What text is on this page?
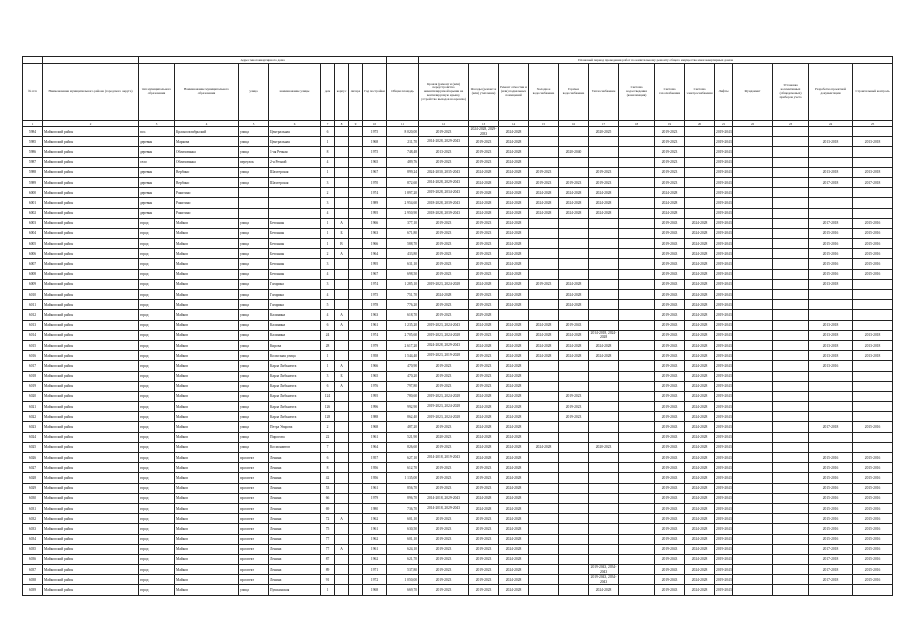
		Адрес многоквартирного дома									Плановый период проведения работ по капитальному ремонту общего имущества многоквартирных домов													
№ п/п	Наименование муниципального района (городского округа)	тип муниципального образования	Наименование муниципального образования	улица	наименование улицы	дом	корпус	литера	Год постройки	Общая площадь	Кровля (ремонт и (или) переустройство невентилируемой крыши на вентилируемую крышу, устройство выходов на кровлю)	Фасады (ремонт и (или) утепление)	Ремонт отмостки и (или) подвальных помещений	Холодное водоснабжение	Горячее водоснабжение	Теплоснабжение	Система водоотведения (канализация)	Система газоснабжения	Система электроснабжения	Лифты	Фундамент	Установка коллективных (общедомовых) приборов учета	Разработка проектной документации	Строительный контроль
1	2	3	4	5	6	7	8	9	10	11	12	13	14	15	16	17	18	19	20	21	22	23	24	25
5984	Майкопский район	пос.	Краснооктябрьский	улица	Центральная	6			1975	8 020,00	2019-2023	2024-2028, 2029-2033	2024-2028			2020-2025		2019-2023		2019-2043				
5985	Майкопский район	деревня	Маркова	улица	Центральная	1			1968	211,70	2014-2028, 2029-2043	2019-2023	2024-2028					2019-2023		2019-2043			2013-2018	2013-2018
5986	Майкопский район	деревня	Облизованка	улица	1-ая Речная	8			1975	748,48	2013-2023	2019-2023	2024-2028		2020-2040			2019-2023		2019-2043				
5987	Майкопский район	село	Облизованка	переулок	2-я Речной	4			1965	489,76	2019-2023	2019-2023	2024-2028					2019-2023		2019-2043				
5988	Майкопский район	деревня	Вербино	улица	Шахтерская	1			1967	899,24	2024-2030, 2035-2043	2024-2028	2024-2028	2019-2023		2019-2023		2019-2023		2019-2043			2013-2018	2013-2018
5989	Майкопский район	деревня	Вербино	улица	Шахтерская	3			1970	872,60	2014-2028, 2029-2043	2024-2028	2024-2028	2019-2023	2019-2023	2019-2023		2019-2023		2019-2043			2017-2018	2017-2018
6000	Майкопский район	деревня	Ракитино			2			1974	1 897,20	2019-2028, 2034-2043	2019-2028	2024-2028	2024-2028	2024-2028	2024-2028		2024-2028		2019-2043				
6001	Майкопский район	деревня	Ракитино			3			1989	2 954,60	2018-2028, 2039-2043	2024-2028	2024-2028	2024-2028	2024-2028	2024-2028		2024-2028		2019-2043				
6002	Майкопский район	деревня	Ракитино			4			1995	2 950,90	2018-2028, 2039-2043	2024-2028	2024-2028	2024-2028	2024-2028	2024-2028		2024-2028		2019-2043				
6003	Майкопский район	город	Майкоп	улица	Бетонная	1	А		1966	377,10	2019-2023	2019-2023	2024-2028					2019-2043	2024-2028	2019-2043			2017-2018	2015-2016
6004	Майкопский район	город	Майкоп	улица	Бетонная	1	Б		1963	671,80	2019-2023	2019-2023	2024-2028					2019-2043	2024-2028	2019-2043			2015-2016	2015-2016
6005	Майкопский район	город	Майкоп	улица	Бетонная	1	В		1966	588,70	2019-2023	2019-2023	2024-2028					2019-2043	2024-2028	2019-2043			2015-2016	2015-2016
6006	Майкопский район	город	Майкоп	улица	Бетонная	2	А		1964	433,80	2019-2023	2019-2023	2024-2028					2019-2043	2024-2028	2019-2043			2015-2016	2015-2016
6007	Майкопский район	город	Майкоп	улица	Бетонная	3			1995	631,10	2019-2023	2019-2023	2024-2028					2019-2043	2024-2028	2019-2043			2015-2016	2015-2016
6008	Майкопский район	город	Майкоп	улица	Бетонная	4			1967	698,50	2019-2023	2019-2023	2024-2028					2019-2043	2024-2028	2019-2043			2015-2016	2015-2016
6009	Майкопский район	город	Майкоп	улица	Гагарина	3			1974	1 285,10	2019-2023, 2024-2028	2024-2028	2024-2028	2019-2023	2024-2028			2019-2043	2024-2028	2019-2043			2013-2018	
6010	Майкопский район	город	Майкоп	улица	Гагарина	4			1975	751,70	2024-2028	2019-2023	2024-2028		2024-2028			2019-2043	2024-2028	2019-2043				
6011	Майкопский район	город	Майкоп	улица	Гагарина	5			1978	776,20	2019-2023	2019-2023	2024-2028		2024-2028			2019-2043	2024-2028	2019-2043				
6012	Майкопский район	город	Майкоп	улица	Калинина	4	А		1963	618,70	2019-2023	2029-2028						2019-2043	2024-2028	2019-2043				
6013	Майкопский район	город	Майкоп	улица	Калинина	6	А		1961	1 235,20	2019-2023, 2024-2043	2024-2028	2024-2028	2024-2028	2019-2043			2019-2043	2024-2028	2019-2043			2013-2018	
6014	Майкопский район	город	Майкоп	улица	Калинина	24			1974	2 705,60	2019-2023, 2024-2028	2019-2023	2024-2028	2024-2028	2024-2028	2014-2018, 2024-2028		2019-2043	2024-2028	2019-2043			2013-2018	2013-2018
6015	Майкопский район	город	Майкоп	улица	Кирова	28			1979	2 617,20	2024-2028, 2029-2043	2024-2028	2024-2028	2024-2028	2024-2028	2024-2028		2019-2043	2024-2028	2019-2043			2013-2018	2013-2018
6016	Майкопский район	город	Майкоп	улица	Колхозная улица	1			1958	1 544,40	2019-2023, 2019-2028	2019-2023	2024-2028	2024-2028	2024-2028	2024-2028		2019-2043	2024-2028	2019-2043			2013-2018	2013-2018
6017	Майкопский район	город	Майкоп	улица	Карла Либкнехта	1	А		1966	470,90	2019-2023	2019-2023	2024-2028					2019-2043	2024-2028	2019-2043			2013-2016	
6018	Майкопский район	город	Майкоп	улица	Карла Либкнехта	3	Б		1965	470,20	2019-2023	2019-2023	2024-2028					2019-2043	2024-2028	2019-2043				
6019	Майкопский район	город	Майкоп	улица	Карла Либкнехта	6	А		1976	797,80	2019-2023	2019-2023	2024-2028					2019-2043	2024-2028	2019-2043				
6020	Майкопский район	город	Майкоп	улица	Карла Либкнехта	124			1995	780,60	2019-2023, 2024-2028	2024-2028	2024-2028		2019-2023			2019-2043	2024-2028	2019-2043				
6021	Майкопский район	город	Майкоп	улица	Карла Либкнехта	126			1996	992,90	2019-2023, 2024-2028	2024-2028	2024-2028		2019-2023			2019-2043	2024-2028	2019-2043				
6022	Майкопский район	город	Майкоп	улица	Карла Либкнехта	128			1988	862,40	2019-2023, 2024-2028	2024-2028	2024-2028		2019-2023			2019-2043	2024-2028	2019-2043				
6023	Майкопский район	город	Майкоп	улица	Петра Уварова	2			1968	487,20	2019-2023	2024-2028	2024-2028					2019-2043	2024-2028	2019-2043			2017-2018	2015-2016
6024	Майкопский район	город	Майкоп	улица	Пирогова	22			1961	521,90	2020-2023	2024-2028	2024-2028					2019-2043	2024-2028	2019-2043				
6025	Майкопский район	город	Майкоп	улица	Космонавтов	7			1964	826,60	2019-2023	2024-2028	2024-2028	2024-2028		2020-2023		2019-2043	2024-2028	2019-2043				
6026	Майкопский район	город	Майкоп	проспект	Ленина	6			1957	627,10	2014-2018, 2019-2043	2024-2028	2024-2028					2019-2043	2024-2028	2019-2043			2015-2016	2015-2016
6027	Майкопский район	город	Майкоп	проспект	Ленина	8			1956	612,70	2019-2023	2019-2023	2024-2028					2019-2043	2024-2028	2019-2043			2015-2016	2015-2016
6028	Майкопский район	город	Майкоп	проспект	Ленина	42			1956	1 135,00	2019-2023	2019-2023	2024-2028					2019-2043	2024-2028	2019-2043			2015-2016	2015-2016
6029	Майкопский район	город	Майкоп	проспект	Ленина	53			1961	856,70	2019-2023	2019-2023	2024-2028					2019-2043	2024-2028	2019-2043			2015-2016	2015-2016
6030	Майкопский район	город	Майкоп	проспект	Ленина	66			1979	896,70	2014-2018, 2029-2043	2024-2028	2024-2028					2019-2043	2024-2028	2019-2043			2015-2016	2015-2016
6031	Майкопский район	город	Майкоп	проспект	Ленина	69			1980	736,70	2014-2018, 2029-2043	2024-2028	2024-2028					2019-2043	2024-2028	2019-2043			2015-2016	2015-2016
6032	Майкопский район	город	Майкоп	проспект	Ленина	72	А		1962	601,10	2019-2023	2019-2023	2024-2028					2019-2043	2024-2028	2019-2043			2015-2016	2015-2016
6033	Майкопский район	город	Майкоп	проспект	Ленина	75			1961	630,50	2019-2023	2019-2023	2024-2028					2019-2043	2024-2028	2019-2043			2015-2016	2015-2016
6034	Майкопский район	город	Майкоп	проспект	Ленина	77			1962	601,10	2019-2023	2019-2023	2024-2028					2019-2043	2024-2028	2019-2043			2015-2016	2015-2016
6035	Майкопский район	город	Майкоп	проспект	Ленина	77	А		1961	624,10	2019-2023	2019-2023	2024-2028					2019-2043	2024-2028	2019-2043			2017-2018	2015-2016
6036	Майкопский район	город	Майкоп	проспект	Ленина	87			1962	621,70	2019-2023	2019-2023	2024-2028					2019-2043	2024-2028	2019-2043			2017-2018	2015-2016
6037	Майкопский район	город	Майкоп	проспект	Ленина	89			1971	537,80	2019-2023	2019-2023	2024-2028			2019-2043, 2034-2043		2019-2043	2024-2028	2019-2043			2017-2018	2015-2016
6038	Майкопский район	город	Майкоп	проспект	Ленина	91			1972	1 050,00	2019-2023	2019-2023	2024-2028			2019-2043, 2034-2043		2019-2043	2024-2028	2019-2043			2017-2018	2015-2016
6039	Майкопский район	город	Майкоп	улица	Пушкинская	1			1968	669,70	2019-2023	2019-2023	2024-2028			2024-2028		2019-2043	2024-2028	2019-2043				
